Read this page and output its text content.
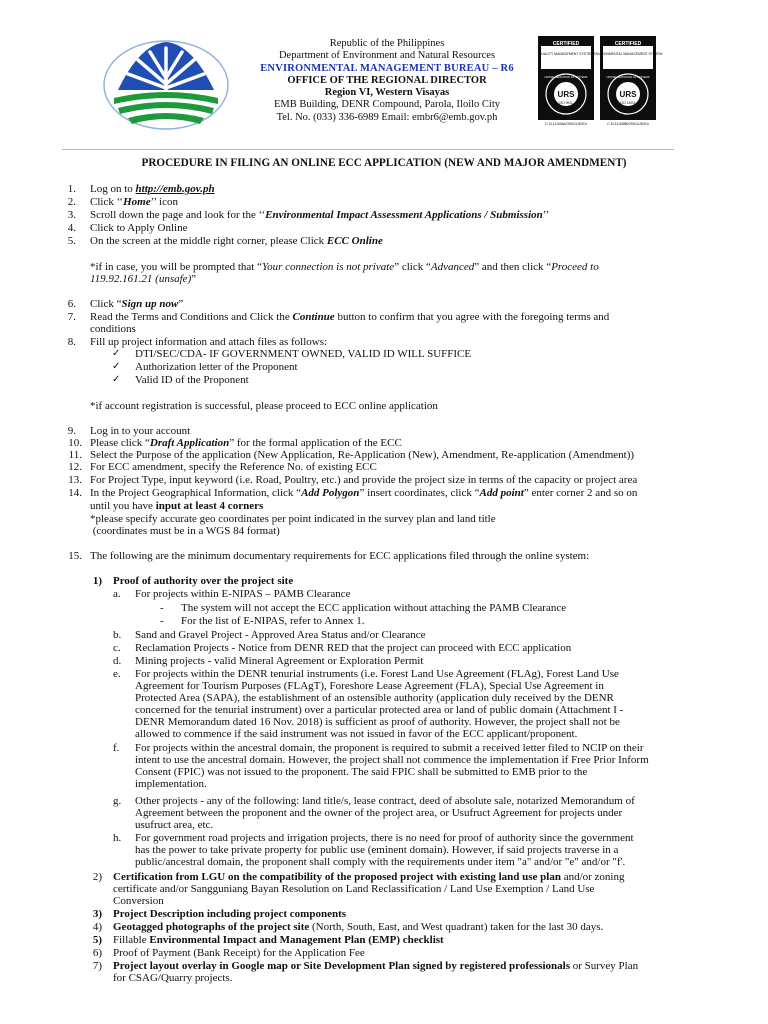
Republic of the Philippines
Department of Environment and Natural Resources
ENVIRONMENTAL MANAGEMENT BUREAU – R6
OFFICE OF THE REGIONAL DIRECTOR
Region VI, Western Visayas
EMB Building, DENR Compound, Parola, Iloilo City
Tel. No. (033) 336-6989 Email: embr6@emb.gov.ph
CERTIFIED
QUALITY MANAGEMENT SYSTEM
URS
ISO 9001
UNITED REGISTRAR OF SYSTEMS
CERTIFIED
ENVIRONMENTAL MANAGEMENT SYSTEM
URS
ISO 14001
UNITED REGISTRAR OF SYSTEMS
C.N.11408A/0901/UK/En	C.N.11408B/0901/UK/En
PROCEDURE IN FILING AN ONLINE ECC APPLICATION (NEW AND MAJOR AMENDMENT)
1. Log on to http://emb.gov.ph
2. Click ‘‘Home’’ icon
3. Scroll down the page and look for the ‘‘Environmental Impact Assessment Applications / Submission’’
4. Click to Apply Online
5. On the screen at the middle right corner, please Click ECC Online
*if in case, you will be prompted that “Your connection is not private” click “Advanced” and then click “Proceed to
119.92.161.21 (unsafe)”
6. Click “Sign up now”
7. Read the Terms and Conditions and Click the Continue button to confirm that you agree with the foregoing terms and
conditions
8. Fill up project information and attach files as follows:
✓ DTI/SEC/CDA- IF GOVERNMENT OWNED, VALID ID WILL SUFFICE
✓ Authorization letter of the Proponent
✓ Valid ID of the Proponent
*if account registration is successful, please proceed to ECC online application
9. Log in to your account
10. Please click “Draft Application” for the formal application of the ECC
11. Select the Purpose of the application (New Application, Re-Application (New), Amendment, Re-application (Amendment))
12. For ECC amendment, specify the Reference No. of existing ECC
13. For Project Type, input keyword (i.e. Road, Poultry, etc.) and provide the project size in terms of the capacity or project area
14. In the Project Geographical Information, click “Add Polygon” insert coordinates, click “Add point” enter corner 2 and so on
until you have input at least 4 corners
*please specify accurate geo coordinates per point indicated in the survey plan and land title
(coordinates must be in a WGS 84 format)
15. The following are the minimum documentary requirements for ECC applications filed through the online system:
1) Proof of authority over the project site
a. For projects within E-NIPAS – PAMB Clearance
- The system will not accept the ECC application without attaching the PAMB Clearance
- For the list of E-NIPAS, refer to Annex 1.
b. Sand and Gravel Project - Approved Area Status and/or Clearance
c. Reclamation Projects - Notice from DENR RED that the project can proceed with ECC application
d. Mining projects - valid Mineral Agreement or Exploration Permit
e. For projects within the DENR tenurial instruments (i.e. Forest Land Use Agreement (FLAg), Forest Land Use
Agreement for Tourism Purposes (FLAgT), Foreshore Lease Agreement (FLA), Special Use Agreement in
Protected Area (SAPA), the establishment of an ostensible authority (application duly received by the DENR
concerned for the tenurial instrument) over a particular protected area or land of public domain (Attachment I -
DENR Memorandum dated 16 Nov. 2018) is sufficient as proof of authority. However, the project shall not be
allowed to commence if the said instrument was not issued in favor of the ECC applicant/proponent.
f. For projects within the ancestral domain, the proponent is required to submit a received letter filed to NCIP on their
intent to use the ancestral domain. However, the project shall not commence the implementation if Free Prior Inform
Consent (FPIC) was not issued to the proponent. The said FPIC shall be submitted to EMB prior to the
implementation.
g. Other projects - any of the following: land title/s, lease contract, deed of absolute sale, notarized Memorandum of
Agreement between the proponent and the owner of the project area, or Usufruct Agreement for projects under
usufruct area, etc.
h. For government road projects and irrigation projects, there is no need for proof of authority since the government
has the power to take private property for public use (eminent domain). However, if said projects traverse in a
public/ancestral domain, the proponent shall comply with the requirements under item "a" and/or "e" and/or "f'.
2) Certification from LGU on the compatibility of the proposed project with existing land use plan and/or zoning
certificate and/or Sangguniang Bayan Resolution on Land Reclassification / Land Use Exemption / Land Use
Conversion
3) Project Description including project components
4) Geotagged photographs of the project site (North, South, East, and West quadrant) taken for the last 30 days.
5) Fillable Environmental Impact and Management Plan (EMP) checklist
6) Proof of Payment (Bank Receipt) for the Application Fee
7) Project layout overlay in Google map or Site Development Plan signed by registered professionals or Survey Plan
for CSAG/Quarry projects.
